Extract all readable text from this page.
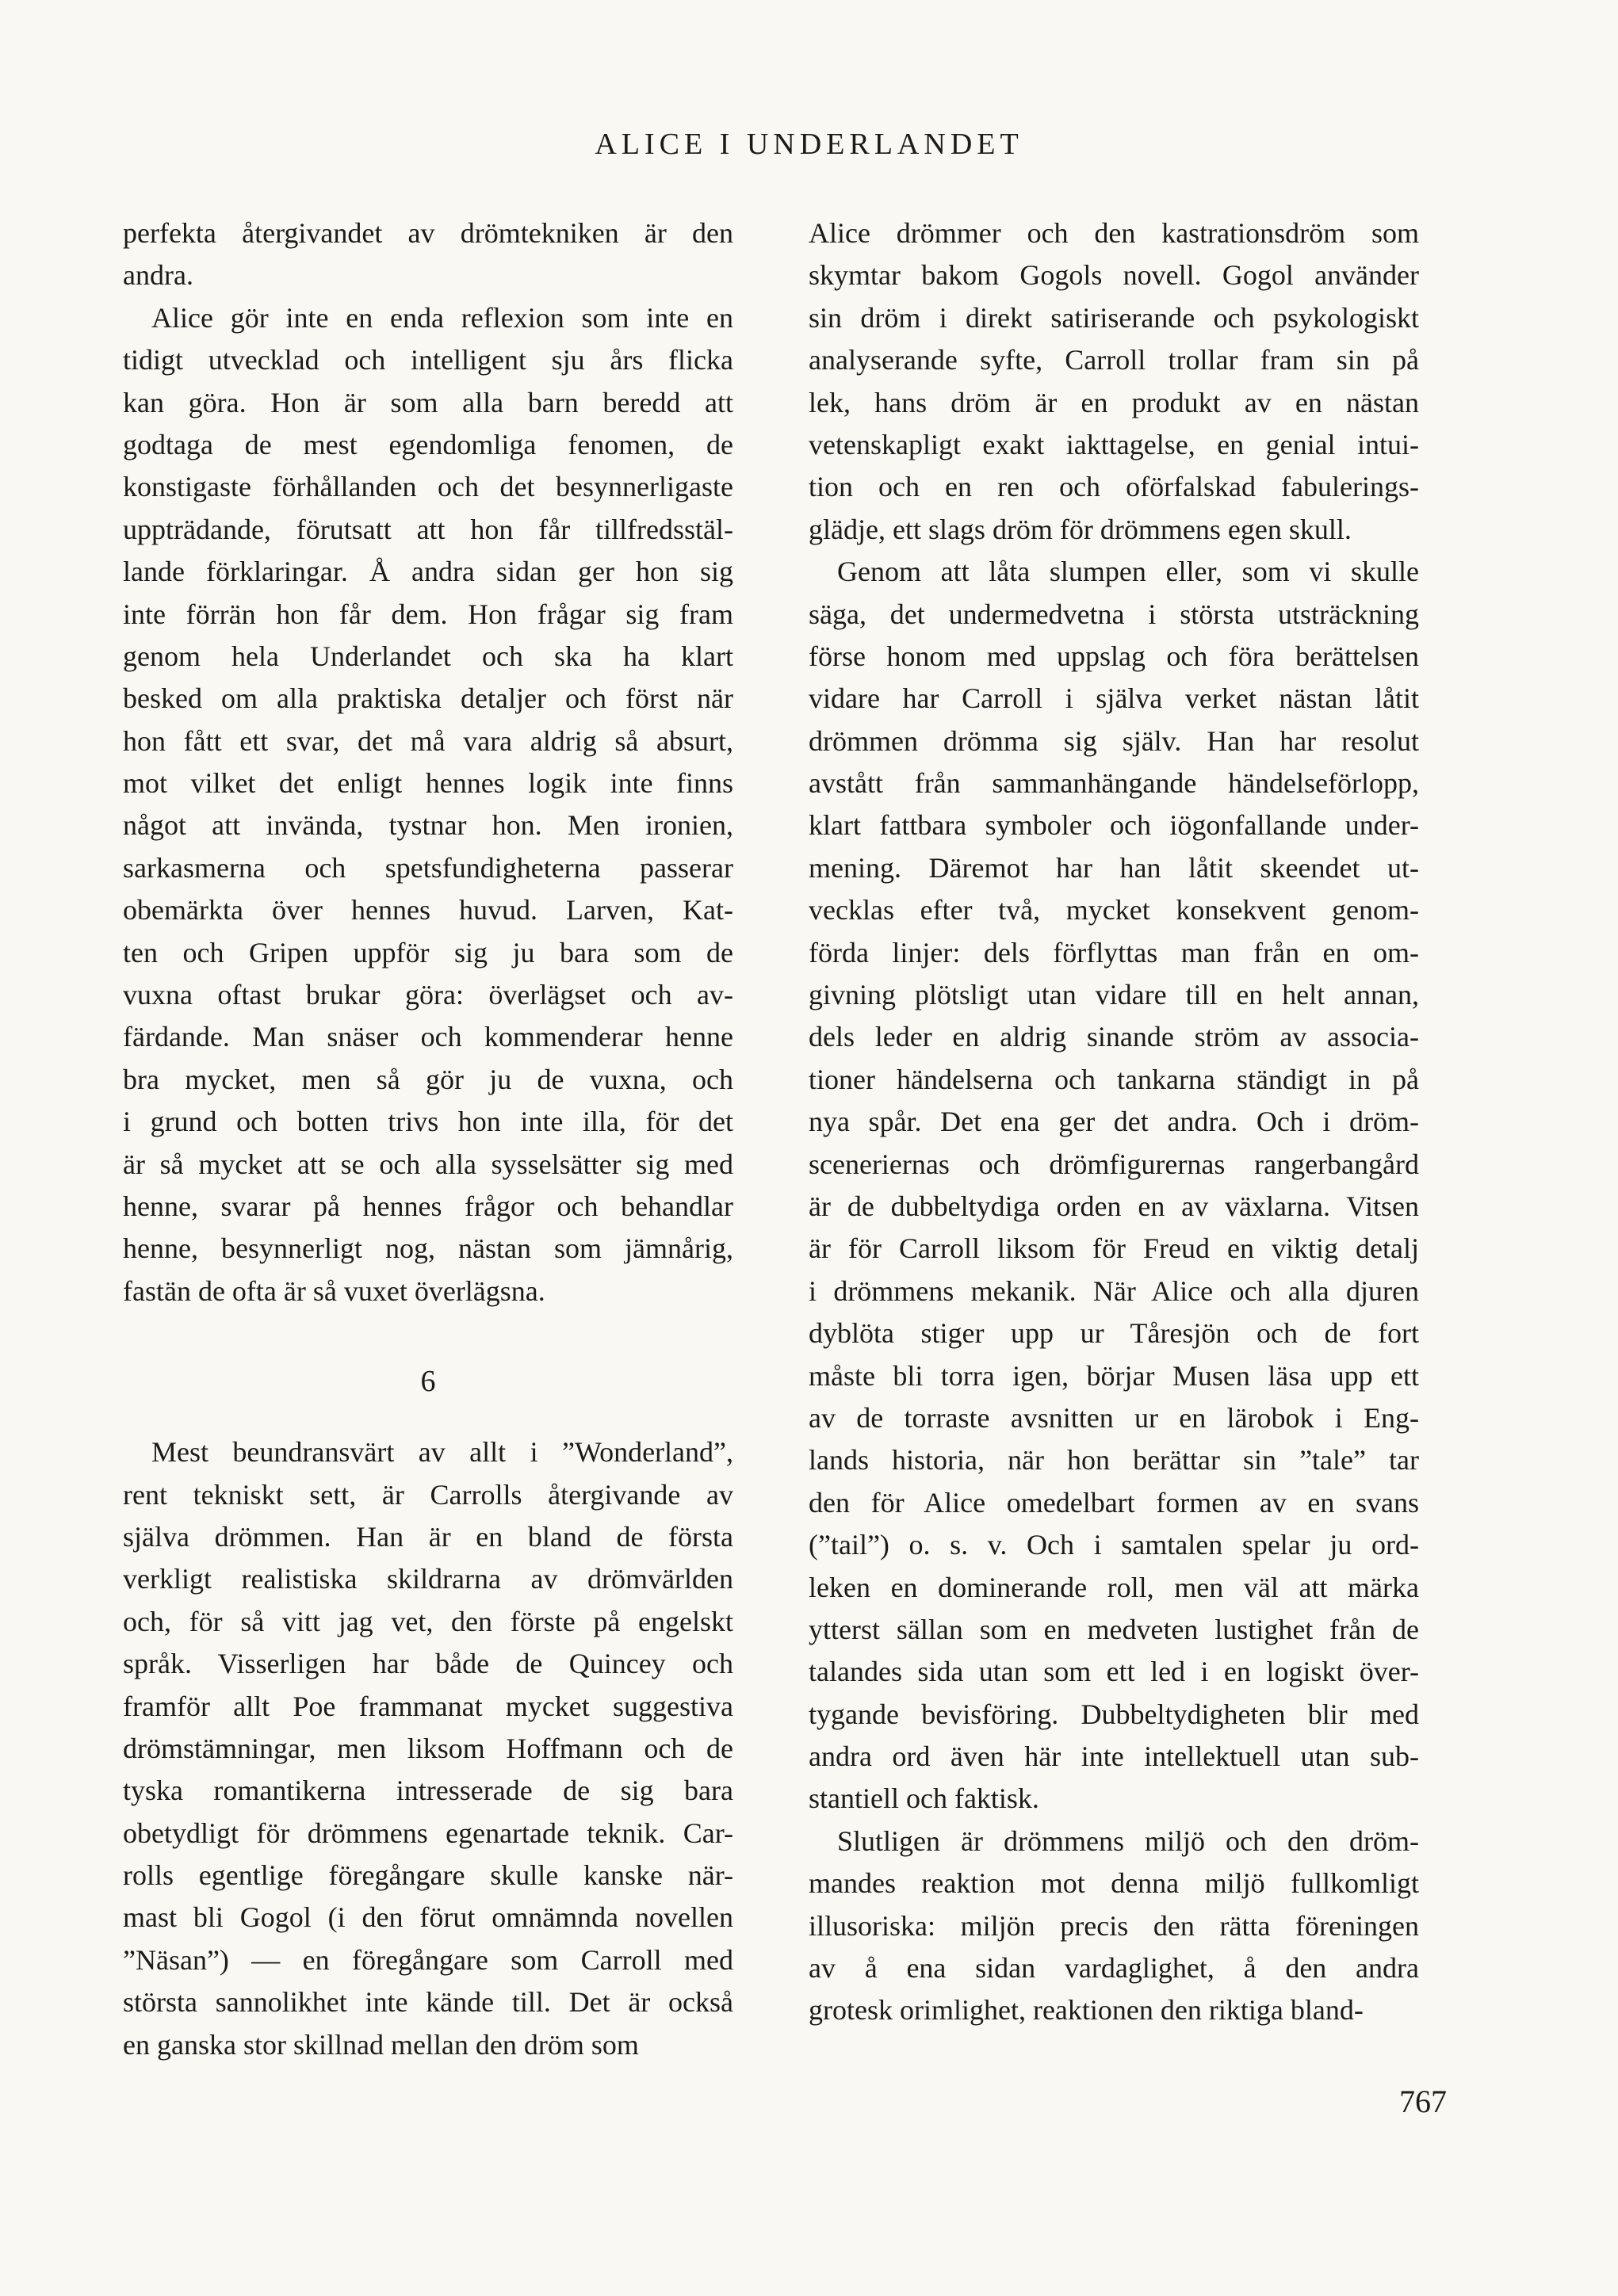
ALICE I UNDERLANDET
perfekta återgivandet av drömtekniken är den
andra.
Alice gör inte en enda reflexion som inte en
tidigt utvecklad och intelligent sju års flicka
kan göra. Hon är som alla barn beredd att
godtaga de mest egendomliga fenomen, de
konstigaste förhållanden och det besynnerligaste
uppträdande, förutsatt att hon får tillfredsstäl-
lande förklaringar. Å andra sidan ger hon sig
inte förrän hon får dem. Hon frågar sig fram
genom hela Underlandet och ska ha klart
besked om alla praktiska detaljer och först när
hon fått ett svar, det må vara aldrig så absurt,
mot vilket det enligt hennes logik inte finns
något att invända, tystnar hon. Men ironien,
sarkasmerna och spetsfundigheterna passerar
obemärkta över hennes huvud. Larven, Kat-
ten och Gripen uppför sig ju bara som de
vuxna oftast brukar göra: överlägset och av-
färdande. Man snäser och kommenderar henne
bra mycket, men så gör ju de vuxna, och
i grund och botten trivs hon inte illa, för det
är så mycket att se och alla sysselsätter sig med
henne, svarar på hennes frågor och behandlar
henne, besynnerligt nog, nästan som jämnårig,
fastän de ofta är så vuxet överlägsna.
6
Mest beundransvärt av allt i ”Wonderland”,
rent tekniskt sett, är Carrolls återgivande av
själva drömmen. Han är en bland de första
verkligt realistiska skildrarna av drömvärlden
och, för så vitt jag vet, den förste på engelskt
språk. Visserligen har både de Quincey och
framför allt Poe frammanat mycket suggestiva
drömstämningar, men liksom Hoffmann och de
tyska romantikerna intresserade de sig bara
obetydligt för drömmens egenartade teknik. Car-
rolls egentlige föregångare skulle kanske när-
mast bli Gogol (i den förut omnämnda novellen
”Näsan”) — en föregångare som Carroll med
största sannolikhet inte kände till. Det är också
en ganska stor skillnad mellan den dröm som
Alice drömmer och den kastrationsdröm som
skymtar bakom Gogols novell. Gogol använder
sin dröm i direkt satiriserande och psykologiskt
analyserande syfte, Carroll trollar fram sin på
lek, hans dröm är en produkt av en nästan
vetenskapligt exakt iakttagelse, en genial intui-
tion och en ren och oförfalskad fabulerings-
glädje, ett slags dröm för drömmens egen skull.
Genom att låta slumpen eller, som vi skulle
säga, det undermedvetna i största utsträckning
förse honom med uppslag och föra berättelsen
vidare har Carroll i själva verket nästan låtit
drömmen drömma sig själv. Han har resolut
avstått från sammanhängande händelseförlopp,
klart fattbara symboler och iögonfallande under-
mening. Däremot har han låtit skeendet ut-
vecklas efter två, mycket konsekvent genom-
förda linjer: dels förflyttas man från en om-
givning plötsligt utan vidare till en helt annan,
dels leder en aldrig sinande ström av associa-
tioner händelserna och tankarna ständigt in på
nya spår. Det ena ger det andra. Och i dröm-
sceneriernas och drömfigurernas rangerbangård
är de dubbeltydiga orden en av växlarna. Vitsen
är för Carroll liksom för Freud en viktig detalj
i drömmens mekanik. När Alice och alla djuren
dyblöta stiger upp ur Tåresjön och de fort
måste bli torra igen, börjar Musen läsa upp ett
av de torraste avsnitten ur en lärobok i Eng-
lands historia, när hon berättar sin ”tale” tar
den för Alice omedelbart formen av en svans
(”tail”) o. s. v. Och i samtalen spelar ju ord-
leken en dominerande roll, men väl att märka
ytterst sällan som en medveten lustighet från de
talandes sida utan som ett led i en logiskt över-
tygande bevisföring. Dubbeltydigheten blir med
andra ord även här inte intellektuell utan sub-
stantiell och faktisk.
Slutligen är drömmens miljö och den dröm-
mandes reaktion mot denna miljö fullkomligt
illusoriska: miljön precis den rätta föreningen
av å ena sidan vardaglighet, å den andra
grotesk orimlighet, reaktionen den riktiga bland-
767
